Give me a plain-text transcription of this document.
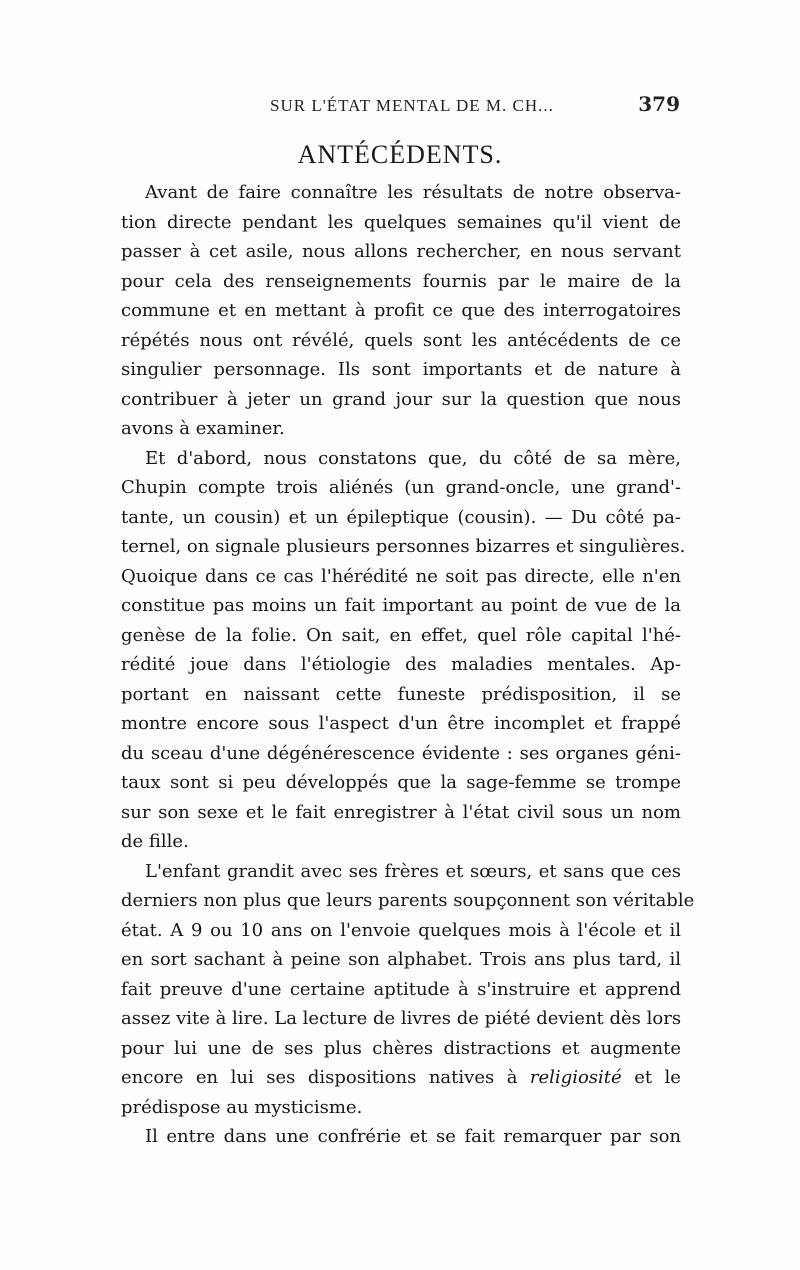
SUR L'ÉTAT MENTAL DE M. CH...	379
ANTÉCÉDENTS.
Avant de faire connaître les résultats de notre observa-
tion directe pendant les quelques semaines qu'il vient de
passer à cet asile, nous allons rechercher, en nous servant
pour cela des renseignements fournis par le maire de la
commune et en mettant à profit ce que des interrogatoires
répétés nous ont révélé, quels sont les antécédents de ce
singulier personnage. Ils sont importants et de nature à
contribuer à jeter un grand jour sur la question que nous
avons à examiner.
Et d'abord, nous constatons que, du côté de sa mère,
Chupin compte trois aliénés (un grand-oncle, une grand'-
tante, un cousin) et un épileptique (cousin). — Du côté pa-
ternel, on signale plusieurs personnes bizarres et singulières.
Quoique dans ce cas l'hérédité ne soit pas directe, elle n'en
constitue pas moins un fait important au point de vue de la
genèse de la folie. On sait, en effet, quel rôle capital l'hé-
rédité joue dans l'étiologie des maladies mentales. Ap-
portant en naissant cette funeste prédisposition, il se
montre encore sous l'aspect d'un être incomplet et frappé
du sceau d'une dégénérescence évidente : ses organes géni-
taux sont si peu développés que la sage-femme se trompe
sur son sexe et le fait enregistrer à l'état civil sous un nom
de fille.
L'enfant grandit avec ses frères et sœurs, et sans que ces
derniers non plus que leurs parents soupçonnent son véritable
état. A 9 ou 10 ans on l'envoie quelques mois à l'école et il
en sort sachant à peine son alphabet. Trois ans plus tard, il
fait preuve d'une certaine aptitude à s'instruire et apprend
assez vite à lire. La lecture de livres de piété devient dès lors
pour lui une de ses plus chères distractions et augmente
encore en lui ses dispositions natives à religiosité et le
prédispose au mysticisme.
Il entre dans une confrérie et se fait remarquer par son
